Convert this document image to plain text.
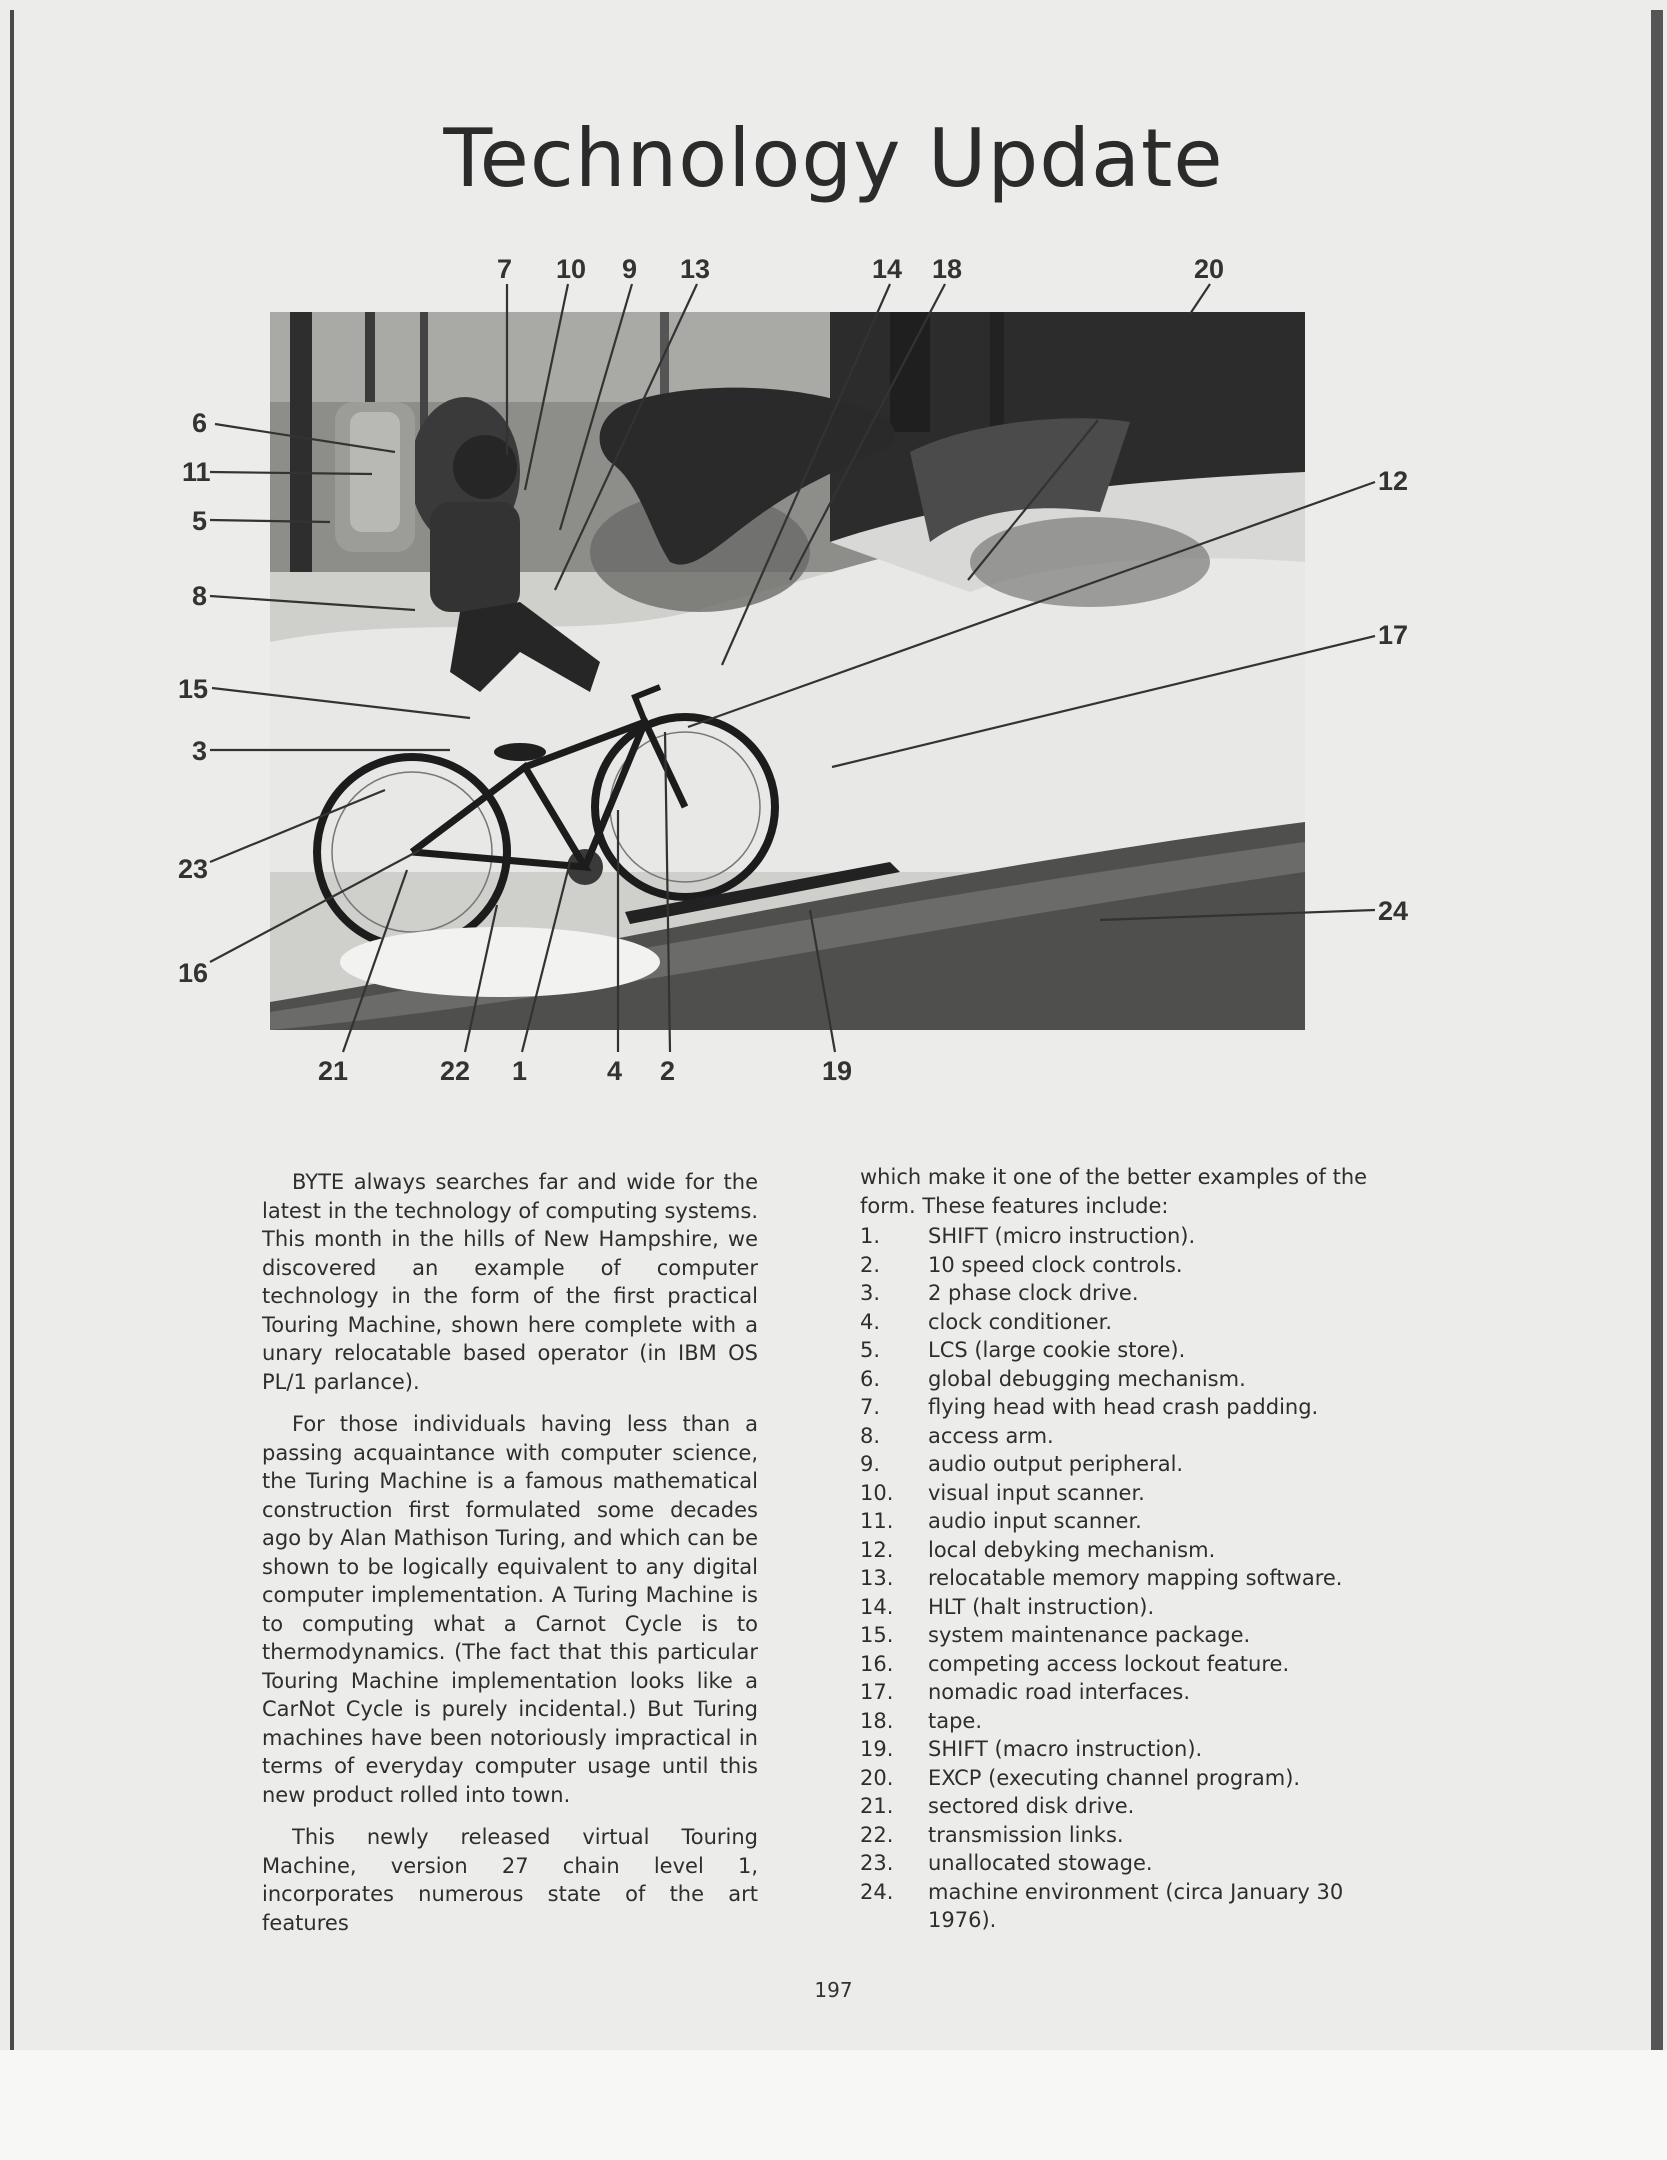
Technology Update
7 10 9 13	14 18	20
6
11
5
8
15
3
23
16
12
17
24
21	22 1	4 2	19

BYTE always searches far and wide for the latest in the technology of computing systems. This month in the hills of New Hampshire, we discovered an example of computer technology in the form of the first practical Touring Machine, shown here complete with a unary relocatable based operator (in IBM OS PL/1 parlance).

For those individuals having less than a passing acquaintance with computer science, the Turing Machine is a famous mathematical construction first formulated some decades ago by Alan Mathison Turing, and which can be shown to be logically equivalent to any digital computer implementation. A Turing Machine is to computing what a Carnot Cycle is to thermodynamics. (The fact that this particular Touring Machine implementation looks like a CarNot Cycle is purely incidental.) But Turing machines have been notoriously impractical in terms of everyday computer usage until this new product rolled into town.

This newly released virtual Touring Machine, version 27 chain level 1, incorporates numerous state of the art features

which make it one of the better examples of the form. These features include:

1.	SHIFT (micro instruction).
2.	10 speed clock controls.
3.	2 phase clock drive.
4.	clock conditioner.
5.	LCS (large cookie store).
6.	global debugging mechanism.
7.	flying head with head crash padding.
8.	access arm.
9.	audio output peripheral.
10.	visual input scanner.
11.	audio input scanner.
12.	local debyking mechanism.
13.	relocatable memory mapping software.
14.	HLT (halt instruction).
15.	system maintenance package.
16.	competing access lockout feature.
17.	nomadic road interfaces.
18.	tape.
19.	SHIFT (macro instruction).
20.	EXCP (executing channel program).
21.	sectored disk drive.
22.	transmission links.
23.	unallocated stowage.
24.	machine environment (circa January 30 1976).
197
